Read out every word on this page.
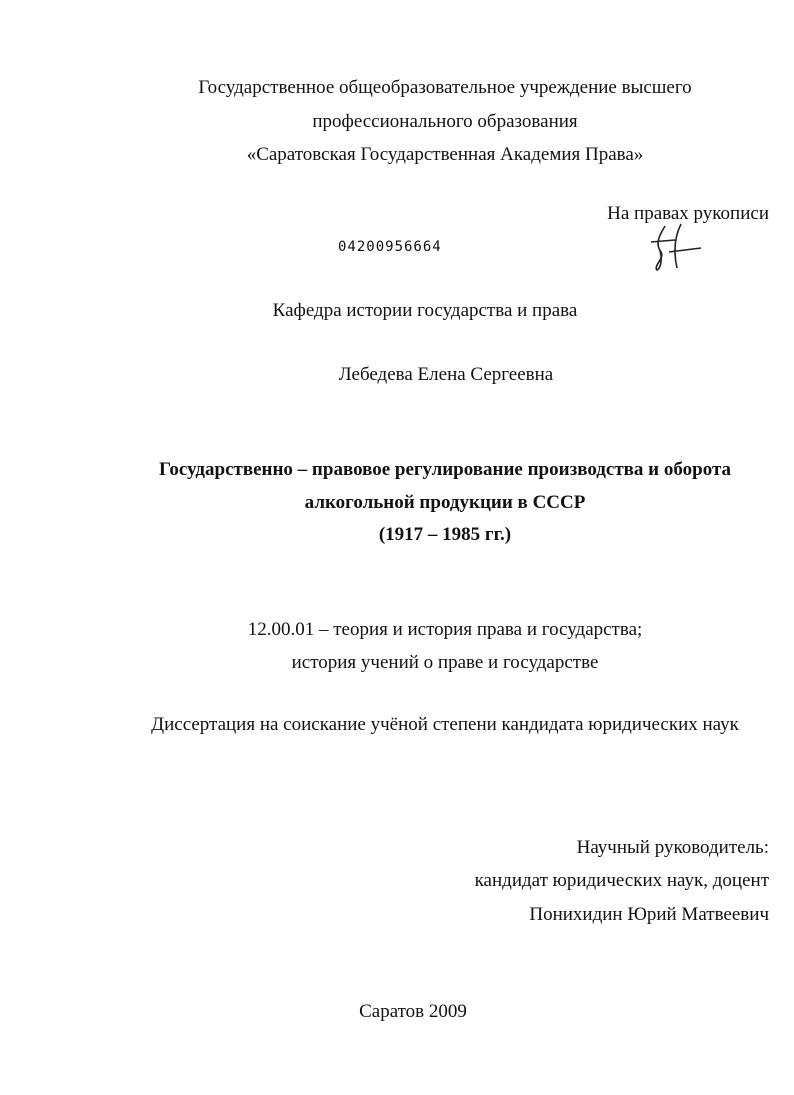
Государственное общеобразовательное учреждение высшего
профессионального образования
«Саратовская Государственная Академия Права»
На правах рукописи
04200956664
Кафедра истории государства и права
Лебедева Елена Сергеевна
Государственно – правовое регулирование производства и оборота
алкогольной продукции в СССР
(1917 – 1985 гг.)
12.00.01 – теория и история права и государства;
история учений о праве и государстве
Диссертация на соискание учёной степени кандидата юридических наук
Научный руководитель:
кандидат юридических наук, доцент
Понихидин Юрий Матвеевич
Саратов 2009
